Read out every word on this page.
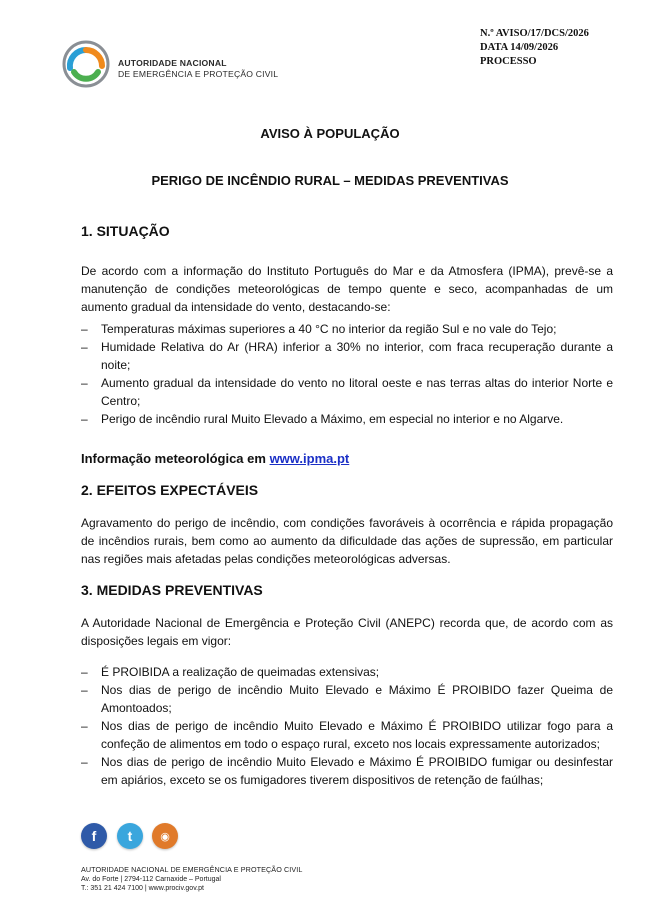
AUTORIDADE NACIONAL
DE EMERGÊNCIA E PROTEÇÃO CIVIL
N.º AVISO/17/DCS/2026
DATA 14/09/2026
PROCESSO
AVISO À POPULAÇÃO
PERIGO DE INCÊNDIO RURAL – MEDIDAS PREVENTIVAS
1. SITUAÇÃO
De acordo com a informação do Instituto Português do Mar e da Atmosfera (IPMA), prevê-se a manutenção de condições meteorológicas de tempo quente e seco, acompanhadas de um aumento gradual da intensidade do vento, destacando-se:
– Temperaturas máximas superiores a 40 °C no interior da região Sul e no vale do Tejo;
– Humidade Relativa do Ar (HRA) inferior a 30% no interior, com fraca recuperação durante a noite;
– Aumento gradual da intensidade do vento no litoral oeste e nas terras altas do interior Norte e Centro;
– Perigo de incêndio rural Muito Elevado a Máximo, em especial no interior e no Algarve.
Informação meteorológica em www.ipma.pt
2. EFEITOS EXPECTÁVEIS
Agravamento do perigo de incêndio, com condições favoráveis à ocorrência e rápida propagação de incêndios rurais, bem como ao aumento da dificuldade das ações de supressão, em particular nas regiões mais afetadas pelas condições meteorológicas adversas.
3. MEDIDAS PREVENTIVAS
A Autoridade Nacional de Emergência e Proteção Civil (ANEPC) recorda que, de acordo com as disposições legais em vigor:
– É PROIBIDA a realização de queimadas extensivas;
– Nos dias de perigo de incêndio Muito Elevado e Máximo É PROIBIDO fazer Queima de Amontoados;
– Nos dias de perigo de incêndio Muito Elevado e Máximo É PROIBIDO utilizar fogo para a confeção de alimentos em todo o espaço rural, exceto nos locais expressamente autorizados;
– Nos dias de perigo de incêndio Muito Elevado e Máximo É PROIBIDO fumigar ou desinfestar em apiários, exceto se os fumigadores tiverem dispositivos de retenção de faúlhas;
f t	◉
AUTORIDADE NACIONAL DE EMERGÊNCIA E PROTEÇÃO CIVIL
Av. do Forte | 2794-112 Carnaxide – Portugal
T.: 351 21 424 7100 | www.prociv.gov.pt
